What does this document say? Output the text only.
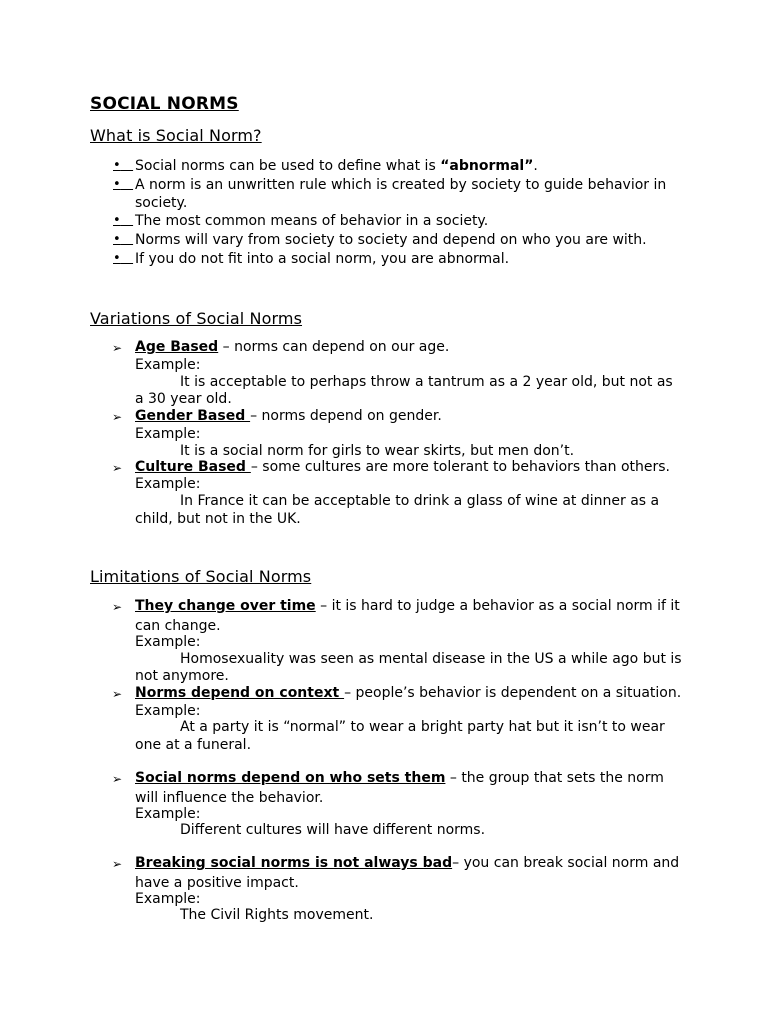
SOCIAL NORMS
What is Social Norm?
•	Social norms can be used to define what is “abnormal”.
•	A norm is an unwritten rule which is created by society to guide behavior in
society.
•	The most common means of behavior in a society.
•	Norms will vary from society to society and depend on who you are with.
•	If you do not fit into a social norm, you are abnormal.
Variations of Social Norms
➢ Age Based – norms can depend on our age.
Example:
It is acceptable to perhaps throw a tantrum as a 2 year old, but not as
a 30 year old.
➢ Gender Based – norms depend on gender.
Example:
It is a social norm for girls to wear skirts, but men don’t.
➢ Culture Based – some cultures are more tolerant to behaviors than others.
Example:
In France it can be acceptable to drink a glass of wine at dinner as a
child, but not in the UK.
Limitations of Social Norms
➢ They change over time – it is hard to judge a behavior as a social norm if it
can change.
Example:
Homosexuality was seen as mental disease in the US a while ago but is
not anymore.
➢ Norms depend on context – people’s behavior is dependent on a situation.
Example:
At a party it is “normal” to wear a bright party hat but it isn’t to wear
one at a funeral.
➢ Social norms depend on who sets them – the group that sets the norm
will influence the behavior.
Example:
Different cultures will have different norms.
➢ Breaking social norms is not always bad– you can break social norm and
have a positive impact.
Example:
The Civil Rights movement.
